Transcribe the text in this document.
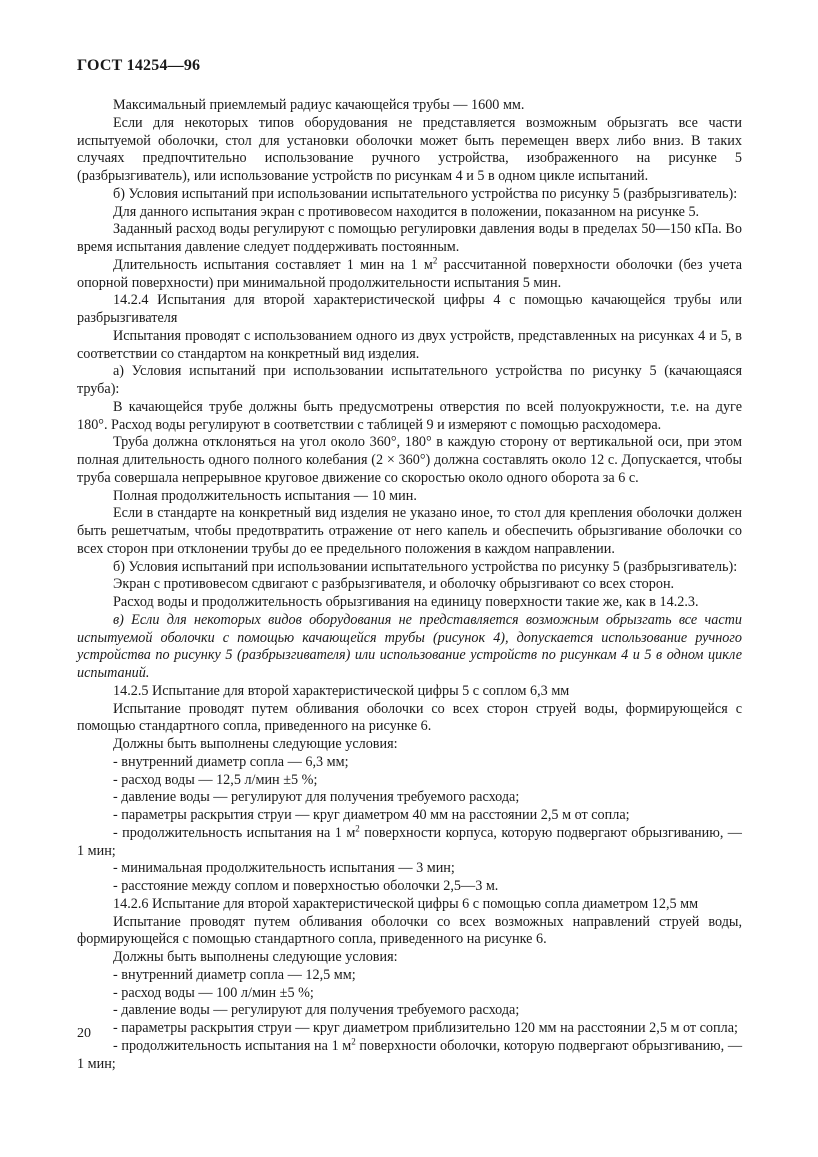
ГОСТ 14254—96

Максимальный приемлемый радиус качающейся трубы — 1600 мм.

Если для некоторых типов оборудования не представляется возможным обрызгать все части испытуемой оболочки, стол для установки оболочки может быть перемещен вверх либо вниз. В таких случаях предпочтительно использование ручного устройства, изображенного на рисунке 5 (разбрызгиватель), или использование устройств по рисункам 4 и 5 в одном цикле испытаний.

б) Условия испытаний при использовании испытательного устройства по рисунку 5 (разбрызгиватель):

Для данного испытания экран с противовесом находится в положении, показанном на рисунке 5.

Заданный расход воды регулируют с помощью регулировки давления воды в пределах 50—150 кПа. Во время испытания давление следует поддерживать постоянным.

Длительность испытания составляет 1 мин на 1 $м^2$ рассчитанной поверхности оболочки (без учета опорной поверхности) при минимальной продолжительности испытания 5 мин.

14.2.4 Испытания для второй характеристической цифры 4 с помощью качающейся трубы или разбрызгивателя

Испытания проводят с использованием одного из двух устройств, представленных на рисунках 4 и 5, в соответствии со стандартом на конкретный вид изделия.

а) Условия испытаний при использовании испытательного устройства по рисунку 5 (качающаяся труба):

В качающейся трубе должны быть предусмотрены отверстия по всей полуокружности, т.е. на дуге 180°. Расход воды регулируют в соответствии с таблицей 9 и измеряют с помощью расходомера.

Труба должна отклоняться на угол около 360°, 180° в каждую сторону от вертикальной оси, при этом полная длительность одного полного колебания (2 × 360°) должна составлять около 12 с. Допускается, чтобы труба совершала непрерывное круговое движение со скоростью около одного оборота за 6 с.

Полная продолжительность испытания — 10 мин.

Если в стандарте на конкретный вид изделия не указано иное, то стол для крепления оболочки должен быть решетчатым, чтобы предотвратить отражение от него капель и обеспечить обрызгивание оболочки со всех сторон при отклонении трубы до ее предельного положения в каждом направлении.

б) Условия испытаний при использовании испытательного устройства по рисунку 5 (разбрызгиватель):

Экран с противовесом сдвигают с разбрызгивателя, и оболочку обрызгивают со всех сторон.

Расход воды и продолжительность обрызгивания на единицу поверхности такие же, как в 14.2.3.

в) Если для некоторых видов оборудования не представляется возможным обрызгать все части испытуемой оболочки с помощью качающейся трубы (рисунок 4), допускается использование ручного устройства по рисунку 5 (разбрызгивателя) или использование устройств по рисункам 4 и 5 в одном цикле испытаний.

14.2.5 Испытание для второй характеристической цифры 5 с соплом 6,3 мм

Испытание проводят путем обливания оболочки со всех сторон струей воды, формирующейся с помощью стандартного сопла, приведенного на рисунке 6.

Должны быть выполнены следующие условия:

- внутренний диаметр сопла — 6,3 мм;

- расход воды — 12,5 л/мин ±5 %;

- давление воды — регулируют для получения требуемого расхода;

- параметры раскрытия струи — круг диаметром 40 мм на расстоянии 2,5 м от сопла;

- продолжительность испытания на 1 $м^2$ поверхности корпуса, которую подвергают обрызгиванию, — 1 мин;

- минимальная продолжительность испытания — 3 мин;

- расстояние между соплом и поверхностью оболочки 2,5—3 м.

14.2.6 Испытание для второй характеристической цифры 6 с помощью сопла диаметром 12,5 мм

Испытание проводят путем обливания оболочки со всех возможных направлений струей воды, формирующейся с помощью стандартного сопла, приведенного на рисунке 6.

Должны быть выполнены следующие условия:

- внутренний диаметр сопла — 12,5 мм;

- расход воды — 100 л/мин ±5 %;

- давление воды — регулируют для получения требуемого расхода;

- параметры раскрытия струи — круг диаметром приблизительно 120 мм на расстоянии 2,5 м от сопла;

- продолжительность испытания на 1 $м^2$ поверхности оболочки, которую подвергают обрызгиванию, — 1 мин;

20
